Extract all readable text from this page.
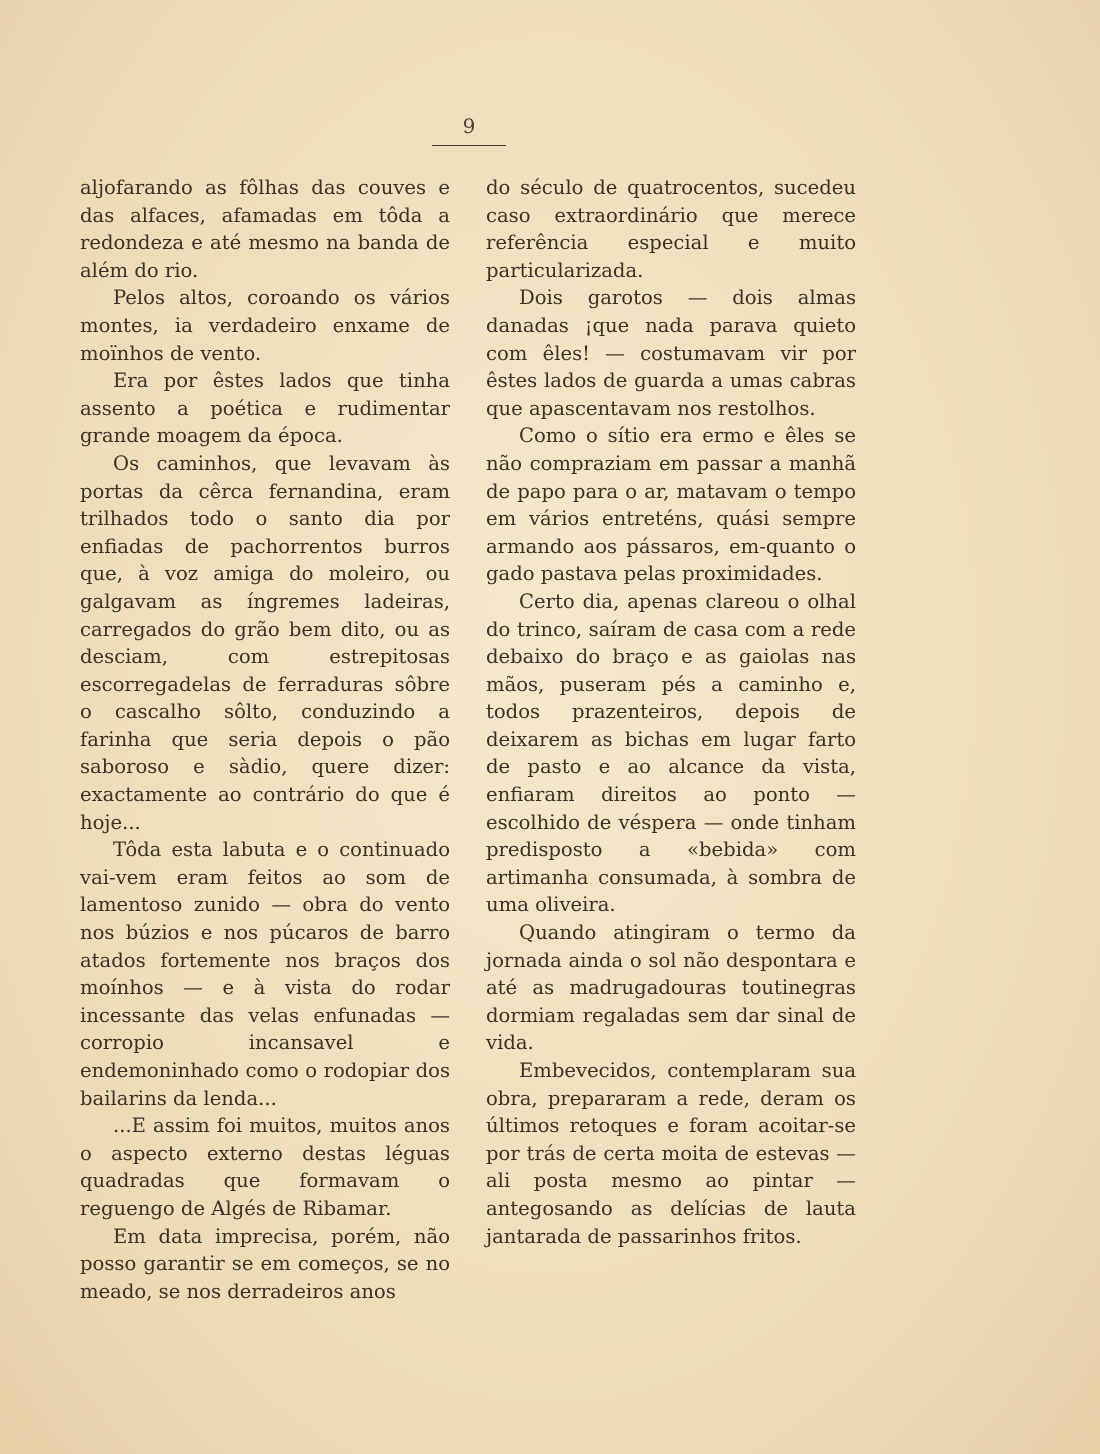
9

aljofarando as fôlhas das couves e das alfaces, afamadas em tôda a redondeza e até mesmo na banda de além do rio.

Pelos altos, coroando os vários montes, ia verdadeiro enxame de moïnhos de vento.

Era por êstes lados que tinha assento a poética e rudimentar grande moagem da época.

Os caminhos, que levavam às portas da cêrca fernandina, eram trilhados todo o santo dia por enfiadas de pachorrentos burros que, à voz amiga do moleiro, ou galgavam as íngremes ladeiras, carregados do grão bem dito, ou as desciam, com estrepitosas escorregadelas de ferraduras sôbre o cascalho sôlto, conduzindo a farinha que seria depois o pão saboroso e sàdio, quere dizer: exactamente ao contrário do que é hoje...

Tôda esta labuta e o continuado vai-vem eram feitos ao som de lamentoso zunido — obra do vento nos búzios e nos púcaros de barro atados fortemente nos braços dos moínhos — e à vista do rodar incessante das velas enfunadas — corropio incansavel e endemoninhado como o rodopiar dos bailarins da lenda...

...E assim foi muitos, muitos anos o aspecto externo destas léguas quadradas que formavam o reguengo de Algés de Ribamar.

Em data imprecisa, porém, não posso garantir se em começos, se no meado, se nos derradeiros anos

do século de quatrocentos, sucedeu caso extraordinário que merece referência especial e muito particularizada.

Dois garotos — dois almas danadas ¡que nada parava quieto com êles! — costumavam vir por êstes lados de guarda a umas cabras que apascentavam nos restolhos.

Como o sítio era ermo e êles se não compraziam em passar a manhã de papo para o ar, matavam o tempo em vários entreténs, quási sempre armando aos pássaros, em-quanto o gado pastava pelas proximidades.

Certo dia, apenas clareou o olhal do trinco, saíram de casa com a rede debaixo do braço e as gaiolas nas mãos, puseram pés a caminho e, todos prazenteiros, depois de deixarem as bichas em lugar farto de pasto e ao alcance da vista, enfiaram direitos ao ponto — escolhido de véspera — onde tinham predisposto a «bebida» com artimanha consumada, à sombra de uma oliveira.

Quando atingiram o termo da jornada ainda o sol não despontara e até as madrugadouras toutinegras dormiam regaladas sem dar sinal de vida.

Embevecidos, contemplaram sua obra, prepararam a rede, deram os últimos retoques e foram acoitar-se por trás de certa moita de estevas — ali posta mesmo ao pintar — antegosando as delícias de lauta jantarada de passarinhos fritos.
